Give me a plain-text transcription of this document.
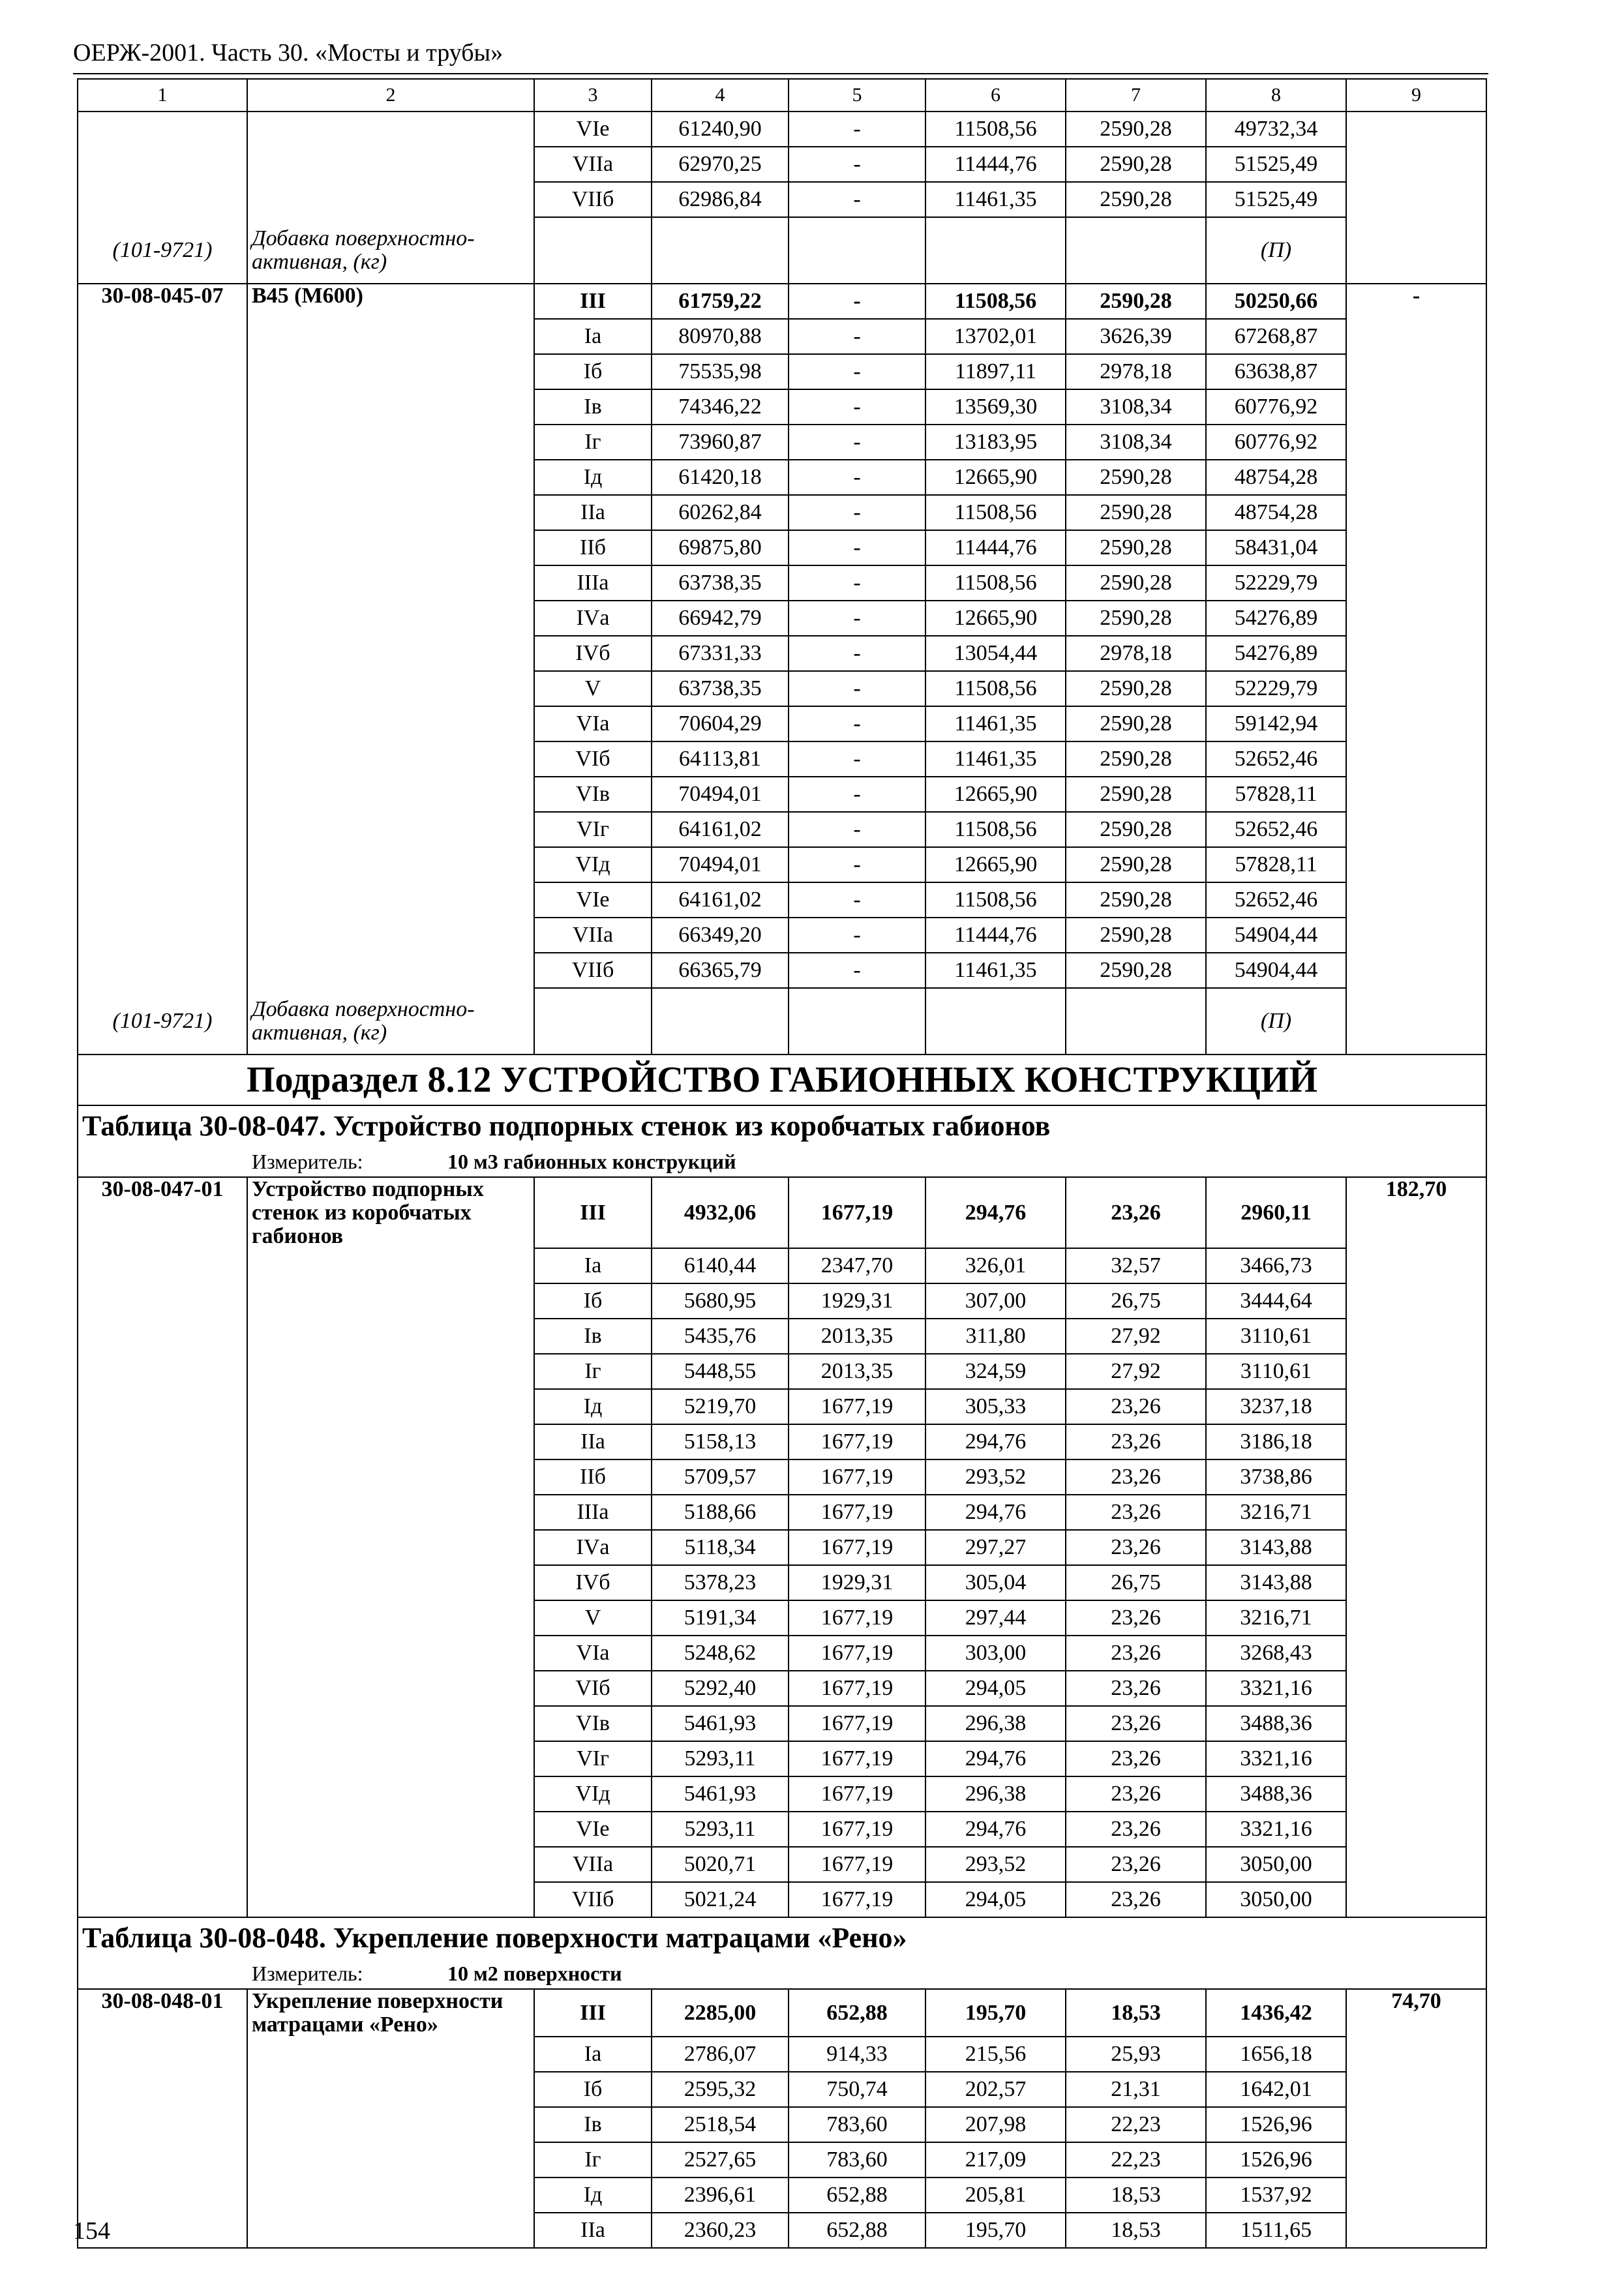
ОЕРЖ-2001. Часть 30. «Мосты и трубы»
1	2	3	4	5	6	7	8	9
		VIе	61240,90	-	11508,56	2590,28	49732,34	
		VIIа	62970,25	-	11444,76	2590,28	51525,49	
		VIIб	62986,84	-	11461,35	2590,28	51525,49	
(101-9721)	Добавка поверхностно-активная, (кг)						(П)	
30-08-045-07	В45 (М600)	III	61759,22	-	11508,56	2590,28	50250,66	-
		Iа	80970,88	-	13702,01	3626,39	67268,87	
		Iб	75535,98	-	11897,11	2978,18	63638,87	
		Iв	74346,22	-	13569,30	3108,34	60776,92	
		Iг	73960,87	-	13183,95	3108,34	60776,92	
		Iд	61420,18	-	12665,90	2590,28	48754,28	
		IIа	60262,84	-	11508,56	2590,28	48754,28	
		IIб	69875,80	-	11444,76	2590,28	58431,04	
		IIIа	63738,35	-	11508,56	2590,28	52229,79	
		IVа	66942,79	-	12665,90	2590,28	54276,89	
		IVб	67331,33	-	13054,44	2978,18	54276,89	
		V	63738,35	-	11508,56	2590,28	52229,79	
		VIа	70604,29	-	11461,35	2590,28	59142,94	
		VIб	64113,81	-	11461,35	2590,28	52652,46	
		VIв	70494,01	-	12665,90	2590,28	57828,11	
		VIг	64161,02	-	11508,56	2590,28	52652,46	
		VIд	70494,01	-	12665,90	2590,28	57828,11	
		VIе	64161,02	-	11508,56	2590,28	52652,46	
		VIIа	66349,20	-	11444,76	2590,28	54904,44	
		VIIб	66365,79	-	11461,35	2590,28	54904,44	
(101-9721)	Добавка поверхностно-активная, (кг)						(П)	
Подраздел 8.12 УСТРОЙСТВО ГАБИОННЫХ КОНСТРУКЦИЙ								
Таблица 30-08-047. Устройство подпорных стенок из коробчатых габионов								
Измеритель: 10 м3 габионных конструкций								
30-08-047-01	Устройство подпорных стенок из коробчатых габионов	III	4932,06	1677,19	294,76	23,26	2960,11	182,70
		Iа	6140,44	2347,70	326,01	32,57	3466,73	
		Iб	5680,95	1929,31	307,00	26,75	3444,64	
		Iв	5435,76	2013,35	311,80	27,92	3110,61	
		Iг	5448,55	2013,35	324,59	27,92	3110,61	
		Iд	5219,70	1677,19	305,33	23,26	3237,18	
		IIа	5158,13	1677,19	294,76	23,26	3186,18	
		IIб	5709,57	1677,19	293,52	23,26	3738,86	
		IIIа	5188,66	1677,19	294,76	23,26	3216,71	
		IVа	5118,34	1677,19	297,27	23,26	3143,88	
		IVб	5378,23	1929,31	305,04	26,75	3143,88	
		V	5191,34	1677,19	297,44	23,26	3216,71	
		VIа	5248,62	1677,19	303,00	23,26	3268,43	
		VIб	5292,40	1677,19	294,05	23,26	3321,16	
		VIв	5461,93	1677,19	296,38	23,26	3488,36	
		VIг	5293,11	1677,19	294,76	23,26	3321,16	
		VIд	5461,93	1677,19	296,38	23,26	3488,36	
		VIе	5293,11	1677,19	294,76	23,26	3321,16	
		VIIа	5020,71	1677,19	293,52	23,26	3050,00	
		VIIб	5021,24	1677,19	294,05	23,26	3050,00	
Таблица 30-08-048. Укрепление поверхности матрацами «Рено»								
Измеритель: 10 м2 поверхности								
30-08-048-01	Укрепление поверхности матрацами «Рено»	III	2285,00	652,88	195,70	18,53	1436,42	74,70
		Iа	2786,07	914,33	215,56	25,93	1656,18	
		Iб	2595,32	750,74	202,57	21,31	1642,01	
		Iв	2518,54	783,60	207,98	22,23	1526,96	
		Iг	2527,65	783,60	217,09	22,23	1526,96	
		Iд	2396,61	652,88	205,81	18,53	1537,92	
		IIа	2360,23	652,88	195,70	18,53	1511,65	
154
